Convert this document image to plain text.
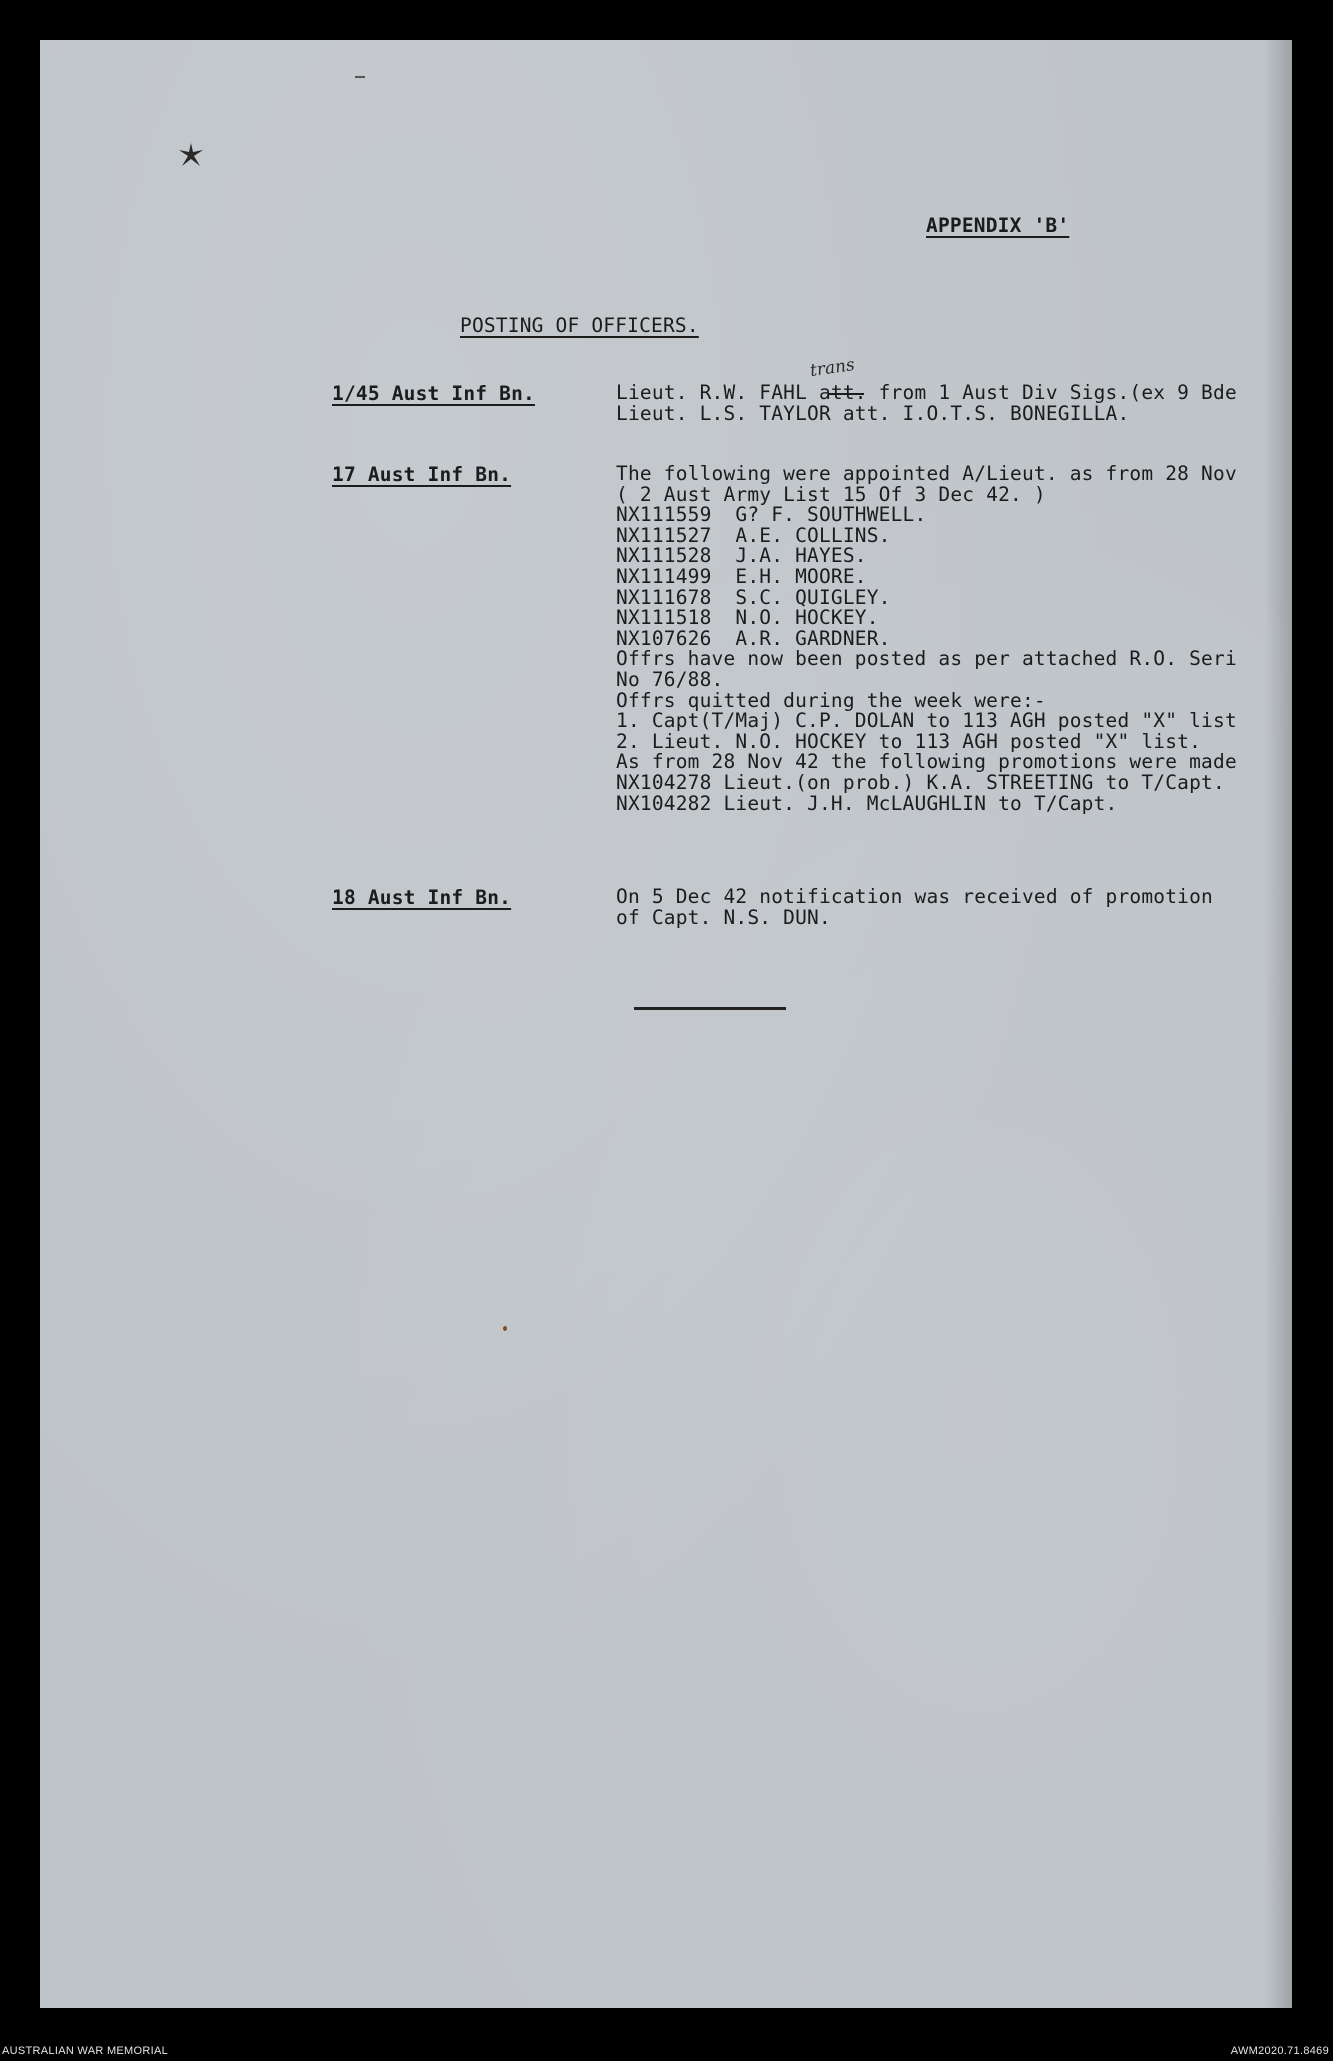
APPENDIX 'B'
POSTING OF OFFICERS.
trans
1/45 Aust Inf Bn.	Lieut. R.W. FAHL att. from 1 Aust Div Sigs.(ex 9 Bde
Lieut. L.S. TAYLOR att. I.O.T.S. BONEGILLA.
17 Aust Inf Bn.	The following were appointed A/Lieut. as from 28 Nov
( 2 Aust Army List 15 Of 3 Dec 42. )
NX111559  G? F. SOUTHWELL.
NX111527  A.E. COLLINS.
NX111528  J.A. HAYES.
NX111499  E.H. MOORE.
NX111678  S.C. QUIGLEY.
NX111518  N.O. HOCKEY.
NX107626  A.R. GARDNER.
Offrs have now been posted as per attached R.O. Seri
No 76/88.
Offrs quitted during the week were:-
1. Capt(T/Maj) C.P. DOLAN to 113 AGH posted "X" list
2. Lieut. N.O. HOCKEY to 113 AGH posted "X" list.
As from 28 Nov 42 the following promotions were made
NX104278 Lieut.(on prob.) K.A. STREETING to T/Capt.
NX104282 Lieut. J.H. McLAUGHLIN to T/Capt.
18 Aust Inf Bn.	On 5 Dec 42 notification was received of promotion
of Capt. N.S. DUN.
AUSTRALIAN WAR MEMORIAL	AWM2020.71.8469
